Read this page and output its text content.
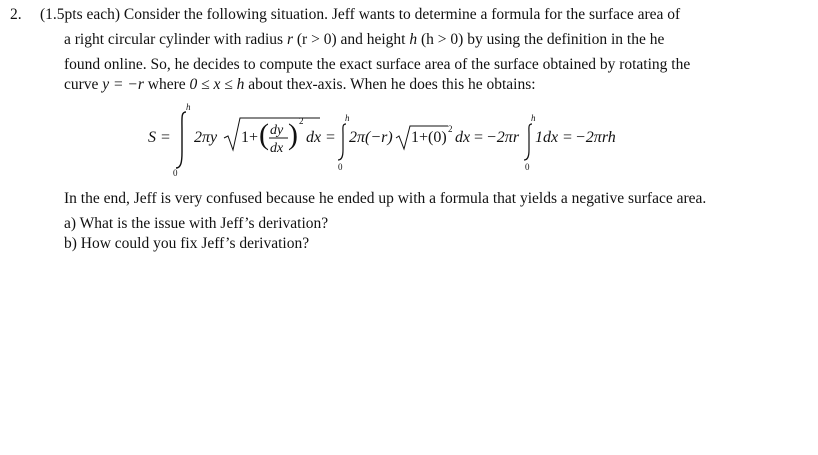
2. (1.5pts each) Consider the following situation. Jeff wants to determine a formula for the surface area of
a right circular cylinder with radius r (r > 0) and height h (h > 0) by using the definition in the he
found online. So, he decides to compute the exact surface area of the surface obtained by rotating the
curve y = −r where 0 ≤ x ≤ h about thex-axis. When he does this he obtains:
S =
h
0
2πy 1+ ( dy
dx ) 2
dx =
h
0
2π(−r) 1+(0) 2 dx = −2πr
h
0
1dx = −2πrh
In the end, Jeff is very confused because he ended up with a formula that yields a negative surface area.
a) What is the issue with Jeff’s derivation?
b) How could you fix Jeff’s derivation?
